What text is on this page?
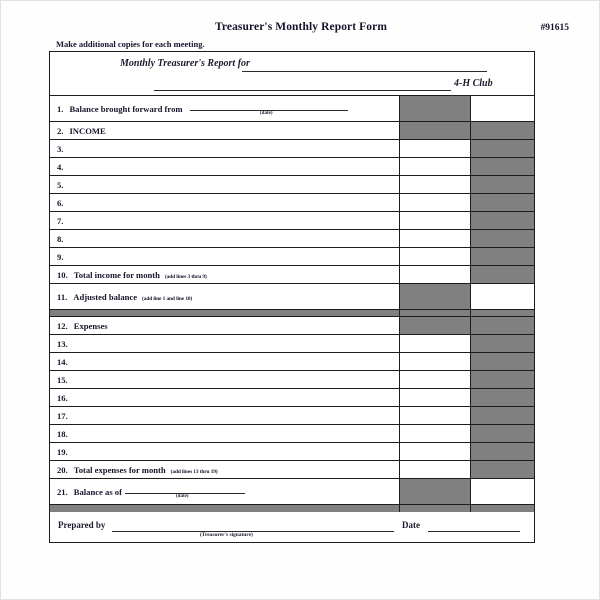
Treasurer's Monthly Report Form	#91615
Make additional copies for each meeting.
Monthly Treasurer's Report for
4-H Club
1. Balance brought forward from	(date)
2. INCOME
3.
4.
5.
6.
7.
8.
9.
10. Total income for month (add lines 3 thru 9)
11. Adjusted balance (add line 1 and line 10)
12. Expenses
13.
14.
15.
16.
17.
18.
19.
20. Total expenses for month (add lines 13 thru 19)
21. Balance as of	(date)
Prepared by
(Treasurer's signature)
Date
